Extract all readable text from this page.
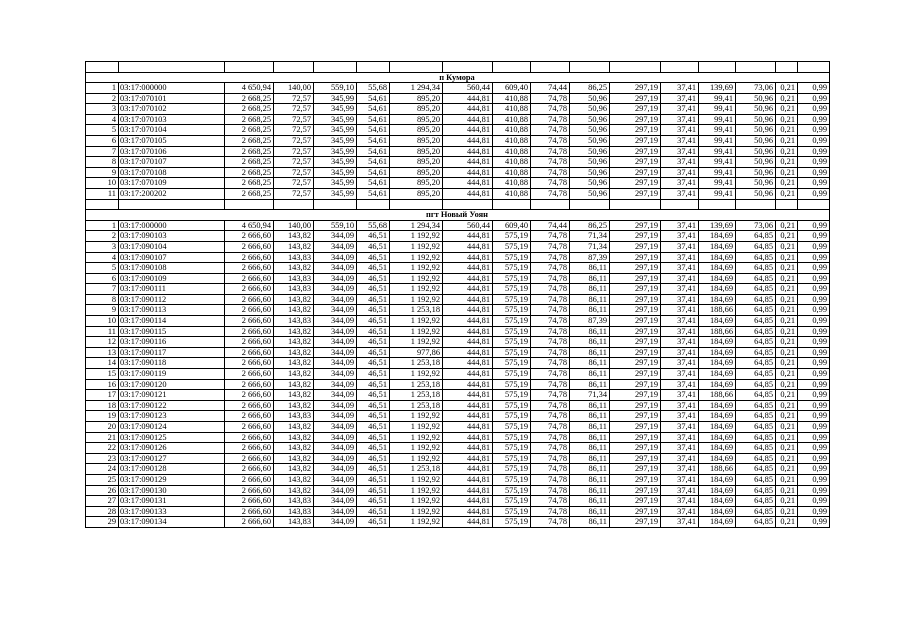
п Кумора																
1	03:17:000000	4 650,94	140,00	559,10	55,68	1 294,34	560,44	609,40	74,44	86,25	297,19	37,41	139,69	73,06	0,21	0,99
2	03:17:070101	2 668,25	72,57	345,99	54,61	895,20	444,81	410,88	74,78	50,96	297,19	37,41	99,41	50,96	0,21	0,99
3	03:17:070102	2 668,25	72,57	345,99	54,61	895,20	444,81	410,88	74,78	50,96	297,19	37,41	99,41	50,96	0,21	0,99
4	03:17:070103	2 668,25	72,57	345,99	54,61	895,20	444,81	410,88	74,78	50,96	297,19	37,41	99,41	50,96	0,21	0,99
5	03:17:070104	2 668,25	72,57	345,99	54,61	895,20	444,81	410,88	74,78	50,96	297,19	37,41	99,41	50,96	0,21	0,99
6	03:17:070105	2 668,25	72,57	345,99	54,61	895,20	444,81	410,88	74,78	50,96	297,19	37,41	99,41	50,96	0,21	0,99
7	03:17:070106	2 668,25	72,57	345,99	54,61	895,20	444,81	410,88	74,78	50,96	297,19	37,41	99,41	50,96	0,21	0,99
8	03:17:070107	2 668,25	72,57	345,99	54,61	895,20	444,81	410,88	74,78	50,96	297,19	37,41	99,41	50,96	0,21	0,99
9	03:17:070108	2 668,25	72,57	345,99	54,61	895,20	444,81	410,88	74,78	50,96	297,19	37,41	99,41	50,96	0,21	0,99
10	03:17:070109	2 668,25	72,57	345,99	54,61	895,20	444,81	410,88	74,78	50,96	297,19	37,41	99,41	50,96	0,21	0,99
11	03:17:200202	2 668,25	72,57	345,99	54,61	895,20	444,81	410,88	74,78	50,96	297,19	37,41	99,41	50,96	0,21	0,99

пгт Новый Уоян																
1	03:17:000000	4 650,94	140,00	559,10	55,68	1 294,34	560,44	609,40	74,44	86,25	297,19	37,41	139,69	73,06	0,21	0,99
2	03:17:090103	2 666,60	143,82	344,09	46,51	1 192,92	444,81	575,19	74,78	71,34	297,19	37,41	184,69	64,85	0,21	0,99
3	03:17:090104	2 666,60	143,82	344,09	46,51	1 192,92	444,81	575,19	74,78	71,34	297,19	37,41	184,69	64,85	0,21	0,99
4	03:17:090107	2 666,60	143,83	344,09	46,51	1 192,92	444,81	575,19	74,78	87,39	297,19	37,41	184,69	64,85	0,21	0,99
5	03:17:090108	2 666,60	143,82	344,09	46,51	1 192,92	444,81	575,19	74,78	86,11	297,19	37,41	184,69	64,85	0,21	0,99
6	03:17:090109	2 666,60	143,83	344,09	46,51	1 192,92	444,81	575,19	74,78	86,11	297,19	37,41	184,69	64,85	0,21	0,99
7	03:17:090111	2 666,60	143,83	344,09	46,51	1 192,92	444,81	575,19	74,78	86,11	297,19	37,41	184,69	64,85	0,21	0,99
8	03:17:090112	2 666,60	143,82	344,09	46,51	1 192,92	444,81	575,19	74,78	86,11	297,19	37,41	184,69	64,85	0,21	0,99
9	03:17:090113	2 666,60	143,82	344,09	46,51	1 253,18	444,81	575,19	74,78	86,11	297,19	37,41	188,66	64,85	0,21	0,99
10	03:17:090114	2 666,60	143,83	344,09	46,51	1 192,92	444,81	575,19	74,78	87,39	297,19	37,41	184,69	64,85	0,21	0,99
11	03:17:090115	2 666,60	143,82	344,09	46,51	1 192,92	444,81	575,19	74,78	86,11	297,19	37,41	188,66	64,85	0,21	0,99
12	03:17:090116	2 666,60	143,82	344,09	46,51	1 192,92	444,81	575,19	74,78	86,11	297,19	37,41	184,69	64,85	0,21	0,99
13	03:17:090117	2 666,60	143,82	344,09	46,51	977,86	444,81	575,19	74,78	86,11	297,19	37,41	184,69	64,85	0,21	0,99
14	03:17:090118	2 666,60	143,82	344,09	46,51	1 253,18	444,81	575,19	74,78	86,11	297,19	37,41	184,69	64,85	0,21	0,99
15	03:17:090119	2 666,60	143,82	344,09	46,51	1 192,92	444,81	575,19	74,78	86,11	297,19	37,41	184,69	64,85	0,21	0,99
16	03:17:090120	2 666,60	143,82	344,09	46,51	1 253,18	444,81	575,19	74,78	86,11	297,19	37,41	184,69	64,85	0,21	0,99
17	03:17:090121	2 666,60	143,82	344,09	46,51	1 253,18	444,81	575,19	74,78	71,34	297,19	37,41	188,66	64,85	0,21	0,99
18	03:17:090122	2 666,60	143,82	344,09	46,51	1 253,18	444,81	575,19	74,78	86,11	297,19	37,41	184,69	64,85	0,21	0,99
19	03:17:090123	2 666,60	143,83	344,09	46,51	1 192,92	444,81	575,19	74,78	86,11	297,19	37,41	184,69	64,85	0,21	0,99
20	03:17:090124	2 666,60	143,82	344,09	46,51	1 192,92	444,81	575,19	74,78	86,11	297,19	37,41	184,69	64,85	0,21	0,99
21	03:17:090125	2 666,60	143,82	344,09	46,51	1 192,92	444,81	575,19	74,78	86,11	297,19	37,41	184,69	64,85	0,21	0,99
22	03:17:090126	2 666,60	143,82	344,09	46,51	1 192,92	444,81	575,19	74,78	86,11	297,19	37,41	184,69	64,85	0,21	0,99
23	03:17:090127	2 666,60	143,82	344,09	46,51	1 192,92	444,81	575,19	74,78	86,11	297,19	37,41	184,69	64,85	0,21	0,99
24	03:17:090128	2 666,60	143,82	344,09	46,51	1 253,18	444,81	575,19	74,78	86,11	297,19	37,41	188,66	64,85	0,21	0,99
25	03:17:090129	2 666,60	143,82	344,09	46,51	1 192,92	444,81	575,19	74,78	86,11	297,19	37,41	184,69	64,85	0,21	0,99
26	03:17:090130	2 666,60	143,82	344,09	46,51	1 192,92	444,81	575,19	74,78	86,11	297,19	37,41	184,69	64,85	0,21	0,99
27	03:17:090131	2 666,60	143,83	344,09	46,51	1 192,92	444,81	575,19	74,78	86,11	297,19	37,41	184,69	64,85	0,21	0,99
28	03:17:090133	2 666,60	143,83	344,09	46,51	1 192,92	444,81	575,19	74,78	86,11	297,19	37,41	184,69	64,85	0,21	0,99
29	03:17:090134	2 666,60	143,83	344,09	46,51	1 192,92	444,81	575,19	74,78	86,11	297,19	37,41	184,69	64,85	0,21	0,99
